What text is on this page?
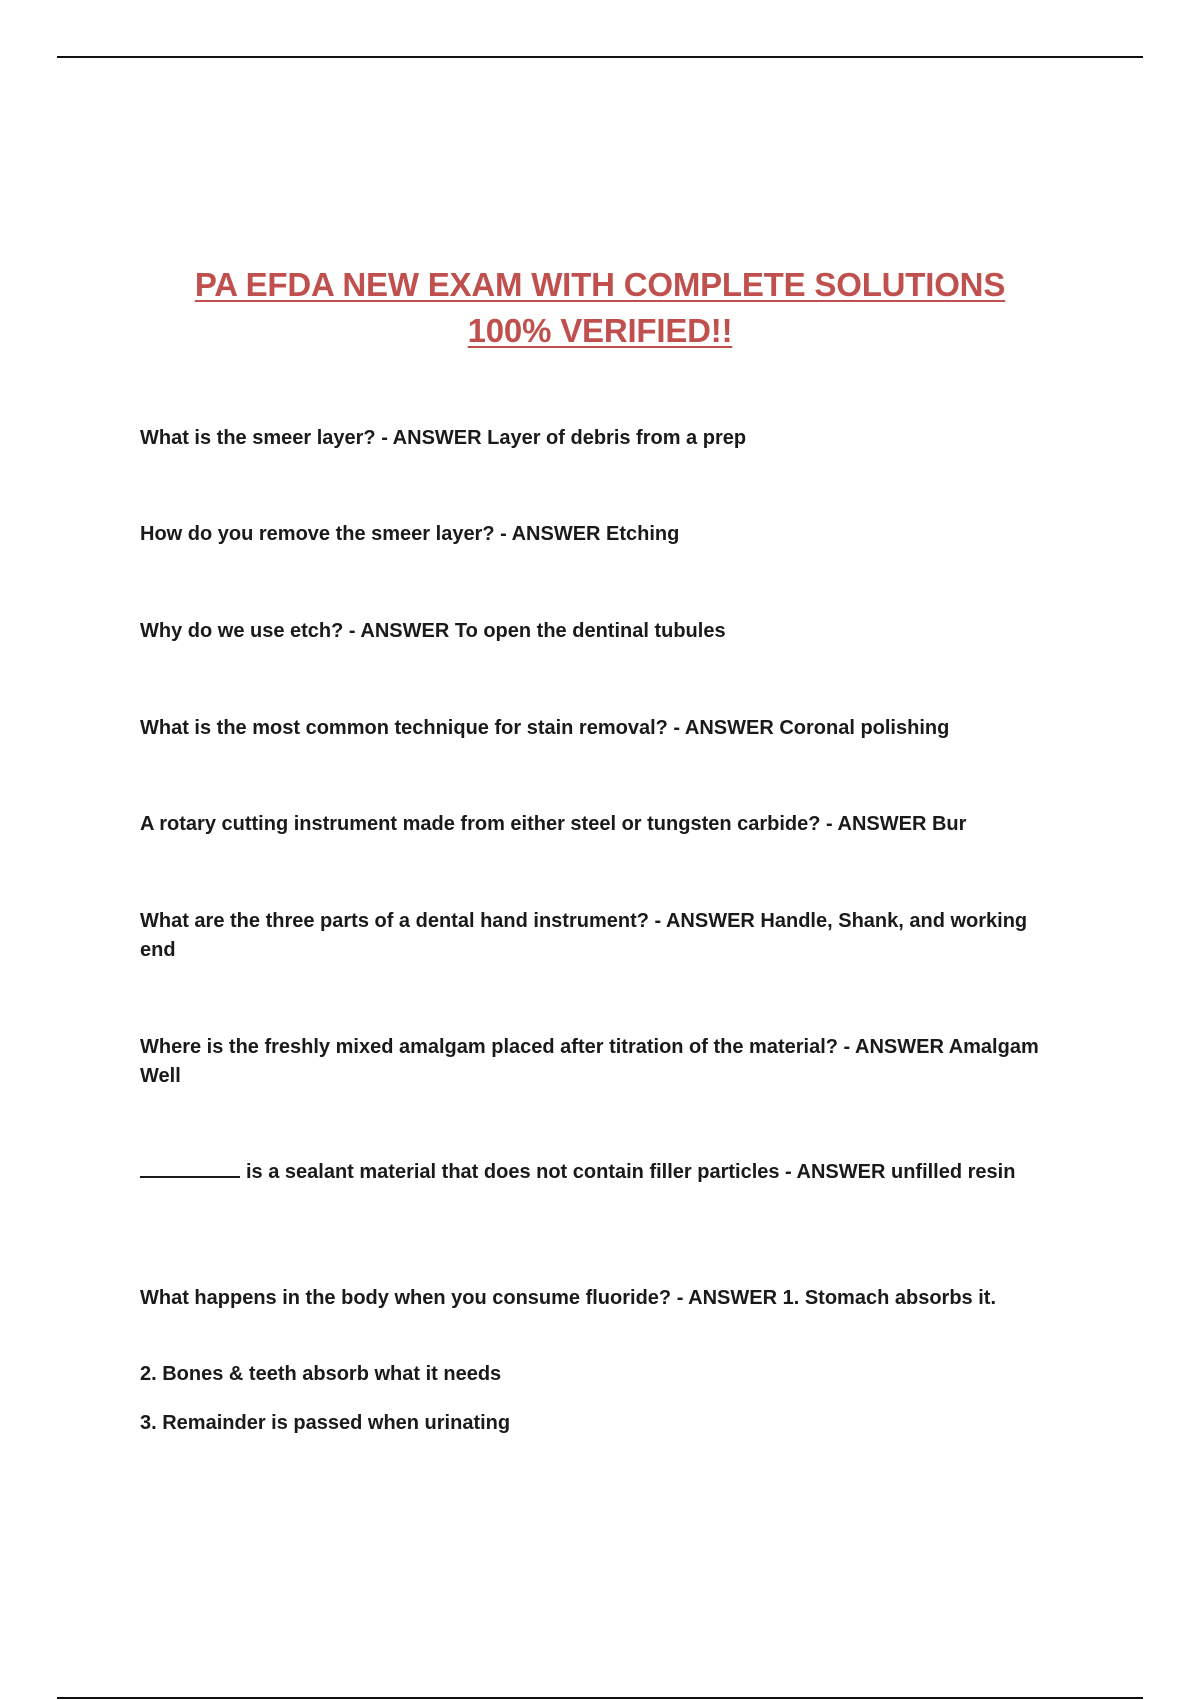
PA EFDA NEW EXAM WITH COMPLETE SOLUTIONS
100% VERIFIED!!
What is the smeer layer? - ANSWER Layer of debris from a prep
How do you remove the smeer layer? - ANSWER Etching
Why do we use etch? - ANSWER To open the dentinal tubules
What is the most common technique for stain removal? - ANSWER Coronal polishing
A rotary cutting instrument made from either steel or tungsten carbide? - ANSWER Bur
What are the three parts of a dental hand instrument? - ANSWER Handle, Shank, and working end
Where is the freshly mixed amalgam placed after titration of the material? - ANSWER Amalgam Well
is a sealant material that does not contain filler particles - ANSWER unfilled resin
What happens in the body when you consume fluoride? - ANSWER 1. Stomach absorbs it.
2. Bones & teeth absorb what it needs
3. Remainder is passed when urinating
